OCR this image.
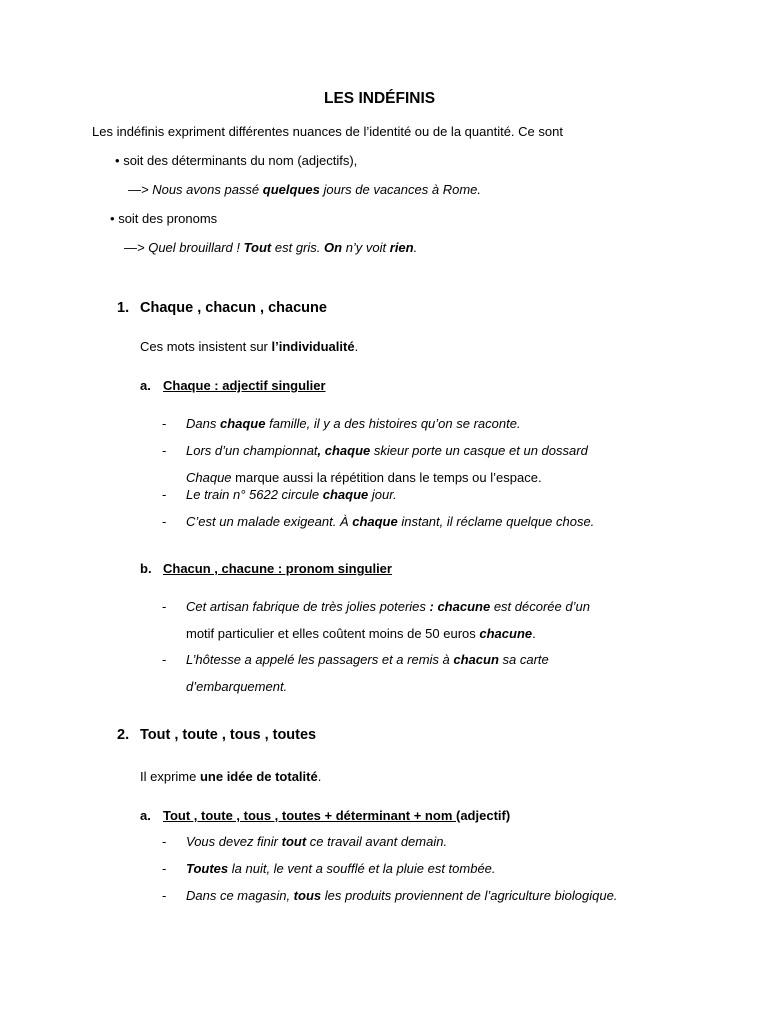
LES INDÉFINIS
Les indéfinis expriment différentes nuances de l’identité ou de la quantité. Ce sont
• soit des déterminants du nom (adjectifs),
—> Nous avons passé quelques jours de vacances à Rome.
• soit des pronoms
—> Quel brouillard ! Tout est gris. On n’y voit rien.
1. Chaque , chacun , chacune
Ces mots insistent sur l’individualité.
a. Chaque : adjectif singulier
- Dans chaque famille, il y a des histoires qu’on se raconte.
- Lors d’un championnat, chaque skieur porte un casque et un dossard
Chaque marque aussi la répétition dans le temps ou l’espace.
- Le train n° 5622 circule chaque jour.
- C’est un malade exigeant. À chaque instant, il réclame quelque chose.
b. Chacun , chacune : pronom singulier
- Cet artisan fabrique de très jolies poteries : chacune est décorée d’un
motif particulier et elles coûtent moins de 50 euros chacune.
- L’hôtesse a appelé les passagers et a remis à chacun sa carte
d’embarquement.
2. Tout , toute , tous , toutes
Il exprime une idée de totalité.
a. Tout , toute , tous , toutes + déterminant + nom (adjectif)
- Vous devez finir tout ce travail avant demain.
- Toutes la nuit, le vent a soufflé et la pluie est tombée.
- Dans ce magasin, tous les produits proviennent de l’agriculture biologique.
